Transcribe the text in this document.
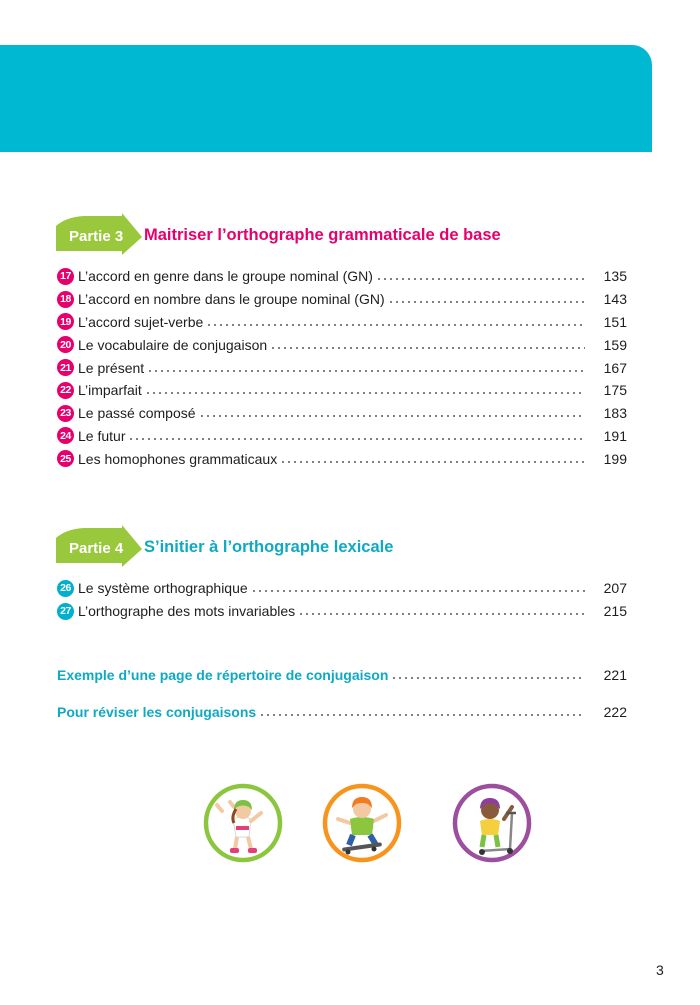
Partie 3 Maitriser l’orthographe grammaticale de base
17 L’accord en genre dans le groupe nominal (GN)	135
18 L’accord en nombre dans le groupe nominal (GN)	143
19 L’accord sujet-verbe	151
20 Le vocabulaire de conjugaison	159
21 Le présent	167
22 L’imparfait	175
23 Le passé composé	183
24 Le futur	191
25 Les homophones grammaticaux	199
Partie 4 S’initier à l’orthographe lexicale
26 Le système orthographique	207
27 L’orthographe des mots invariables	215
Exemple d’une page de répertoire de conjugaison	221
Pour réviser les conjugaisons	222
3
